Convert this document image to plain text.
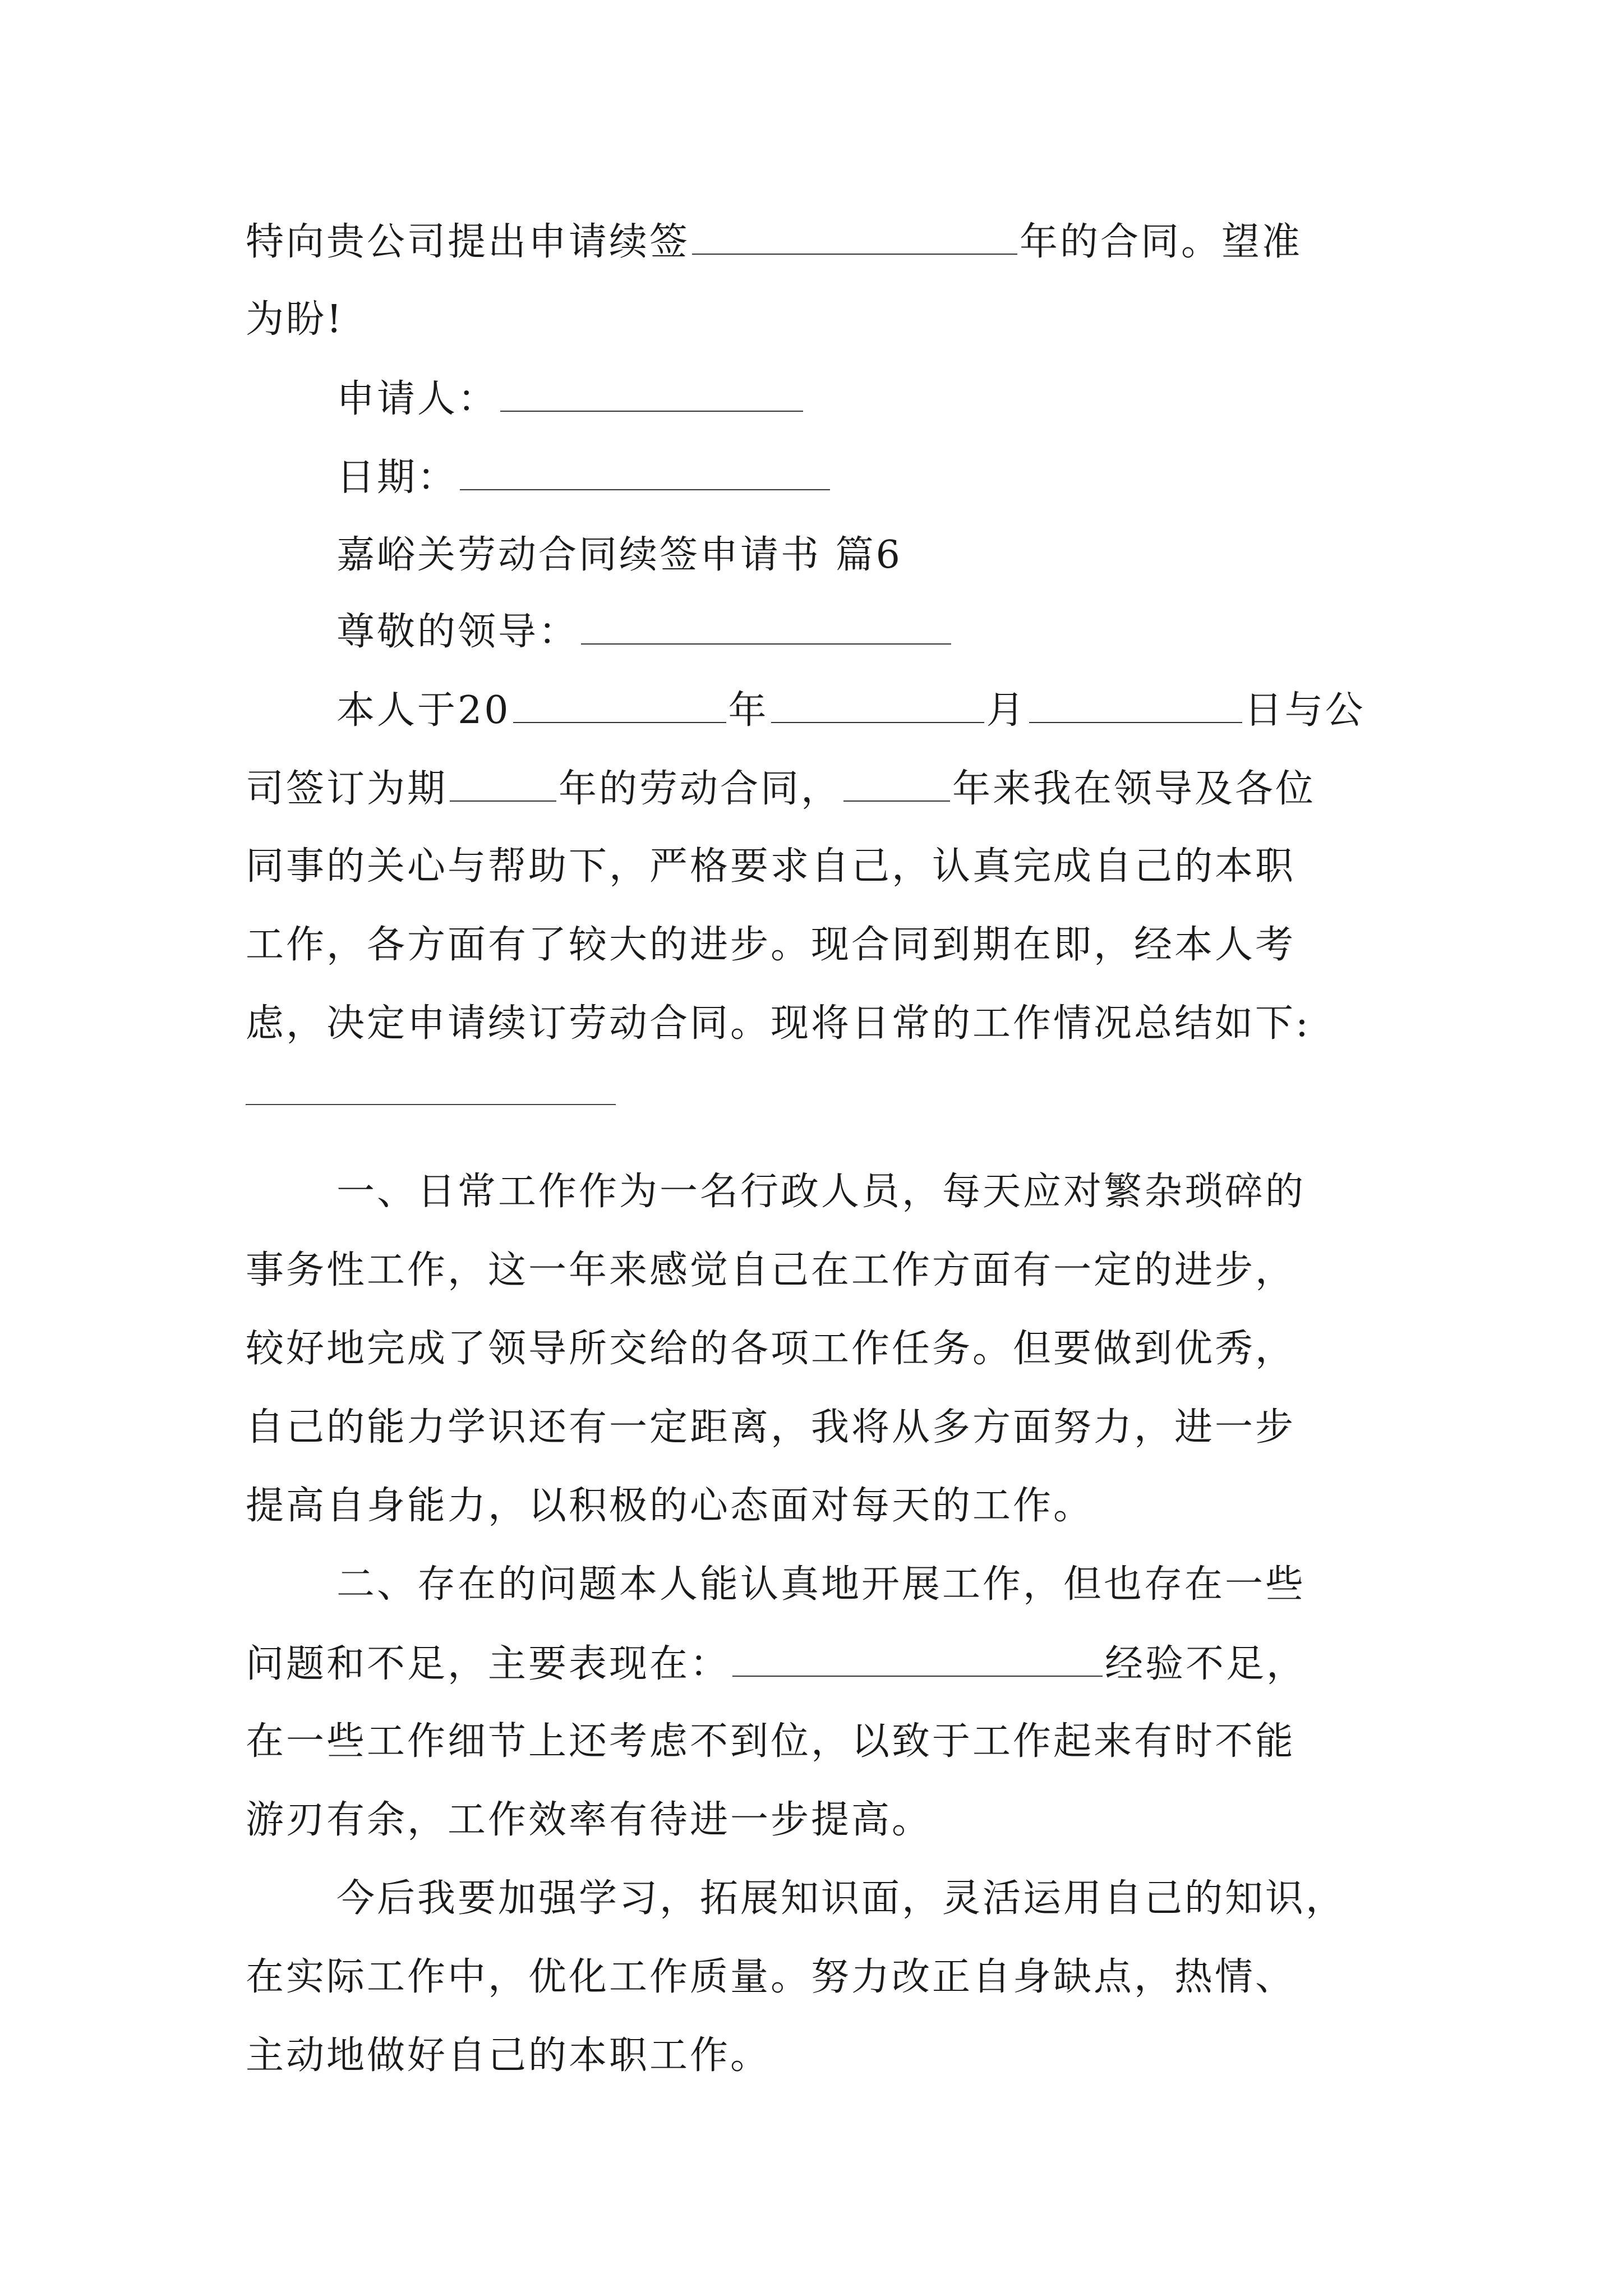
特向贵公司提出申请续签	年的合同。望准
为盼!
申请人：
日期：
嘉峪关劳动合同续签申请书 篇6
尊敬的领导：
本人于20	年	月	日与公
司签订为期	年的劳动合同，	年来我在领导及各位
同事的关心与帮助下，严格要求自己，认真完成自己的本职
工作，各方面有了较大的进步。现合同到期在即，经本人考
虑，决定申请续订劳动合同。现将日常的工作情况总结如下:
一、日常工作作为一名行政人员，每天应对繁杂琐碎的
事务性工作，这一年来感觉自己在工作方面有一定的进步，
较好地完成了领导所交给的各项工作任务。但要做到优秀，
自己的能力学识还有一定距离，我将从多方面努力，进一步
提高自身能力，以积极的心态面对每天的工作。
二、存在的问题本人能认真地开展工作，但也存在一些
问题和不足，主要表现在：	经验不足，
在一些工作细节上还考虑不到位，以致于工作起来有时不能
游刃有余，工作效率有待进一步提高。
今后我要加强学习，拓展知识面，灵活运用自己的知识，
在实际工作中，优化工作质量。努力改正自身缺点，热情、
主动地做好自己的本职工作。
